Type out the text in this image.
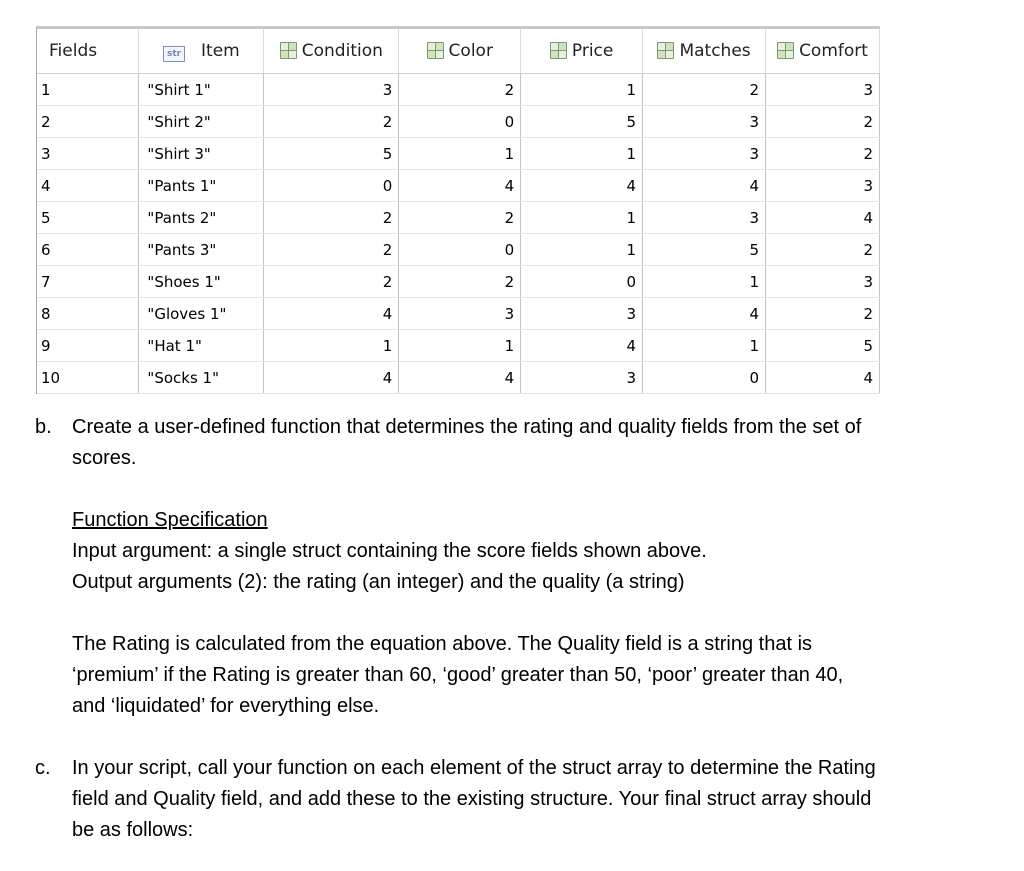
Fields	str Item	Condition	Color	Price	Matches	Comfort
1	"Shirt 1"	3	2	1	2	3
2	"Shirt 2"	2	0	5	3	2
3	"Shirt 3"	5	1	1	3	2
4	"Pants 1"	0	4	4	4	3
5	"Pants 2"	2	2	1	3	4
6	"Pants 3"	2	0	1	5	2
7	"Shoes 1"	2	2	0	1	3
8	"Gloves 1"	4	3	3	4	2
9	"Hat 1"	1	1	4	1	5
10	"Socks 1"	4	4	3	0	4
b. Create a user-defined function that determines the rating and quality fields from the set of

scores.

Function Specification

Input argument: a single struct containing the score fields shown above.

Output arguments (2): the rating (an integer) and the quality (a string)

The Rating is calculated from the equation above. The Quality field is a string that is

‘premium’ if the Rating is greater than 60, ‘good’ greater than 50, ‘poor’ greater than 40,

and ‘liquidated’ for everything else.

c. In your script, call your function on each element of the struct array to determine the Rating

field and Quality field, and add these to the existing structure. Your final struct array should

be as follows:
